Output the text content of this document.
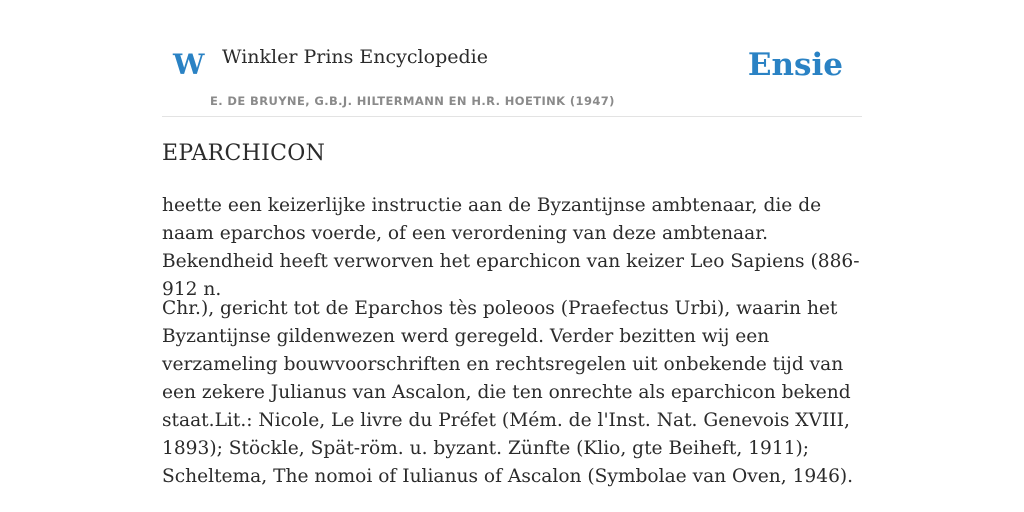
W Winkler Prins Encyclopedie
E. DE BRUYNE, G.B.J. HILTERMANN EN H.R. HOETINK (1947)
Ensie
EPARCHICON

heette een keizerlijke instructie aan de Byzantijnse ambtenaar, die de naam eparchos voerde, of een verordening van deze ambtenaar. Bekendheid heeft verworven het eparchicon van keizer Leo Sapiens (886-912 n.

Chr.), gericht tot de Eparchos tès poleoos (Praefectus Urbi), waarin het Byzantijnse gildenwezen werd geregeld. Verder bezitten wij een verzameling bouwvoorschriften en rechtsregelen uit onbekende tijd van een zekere Julianus van Ascalon, die ten onrechte als eparchicon bekend staat.Lit.: Nicole, Le livre du Préfet (Mém. de l'Inst. Nat. Genevois XVIII, 1893); Stöckle, Spät-röm. u. byzant. Zünfte (Klio, gte Beiheft, 1911); Scheltema, The nomoi of Iulianus of Ascalon (Symbolae van Oven, 1946).
